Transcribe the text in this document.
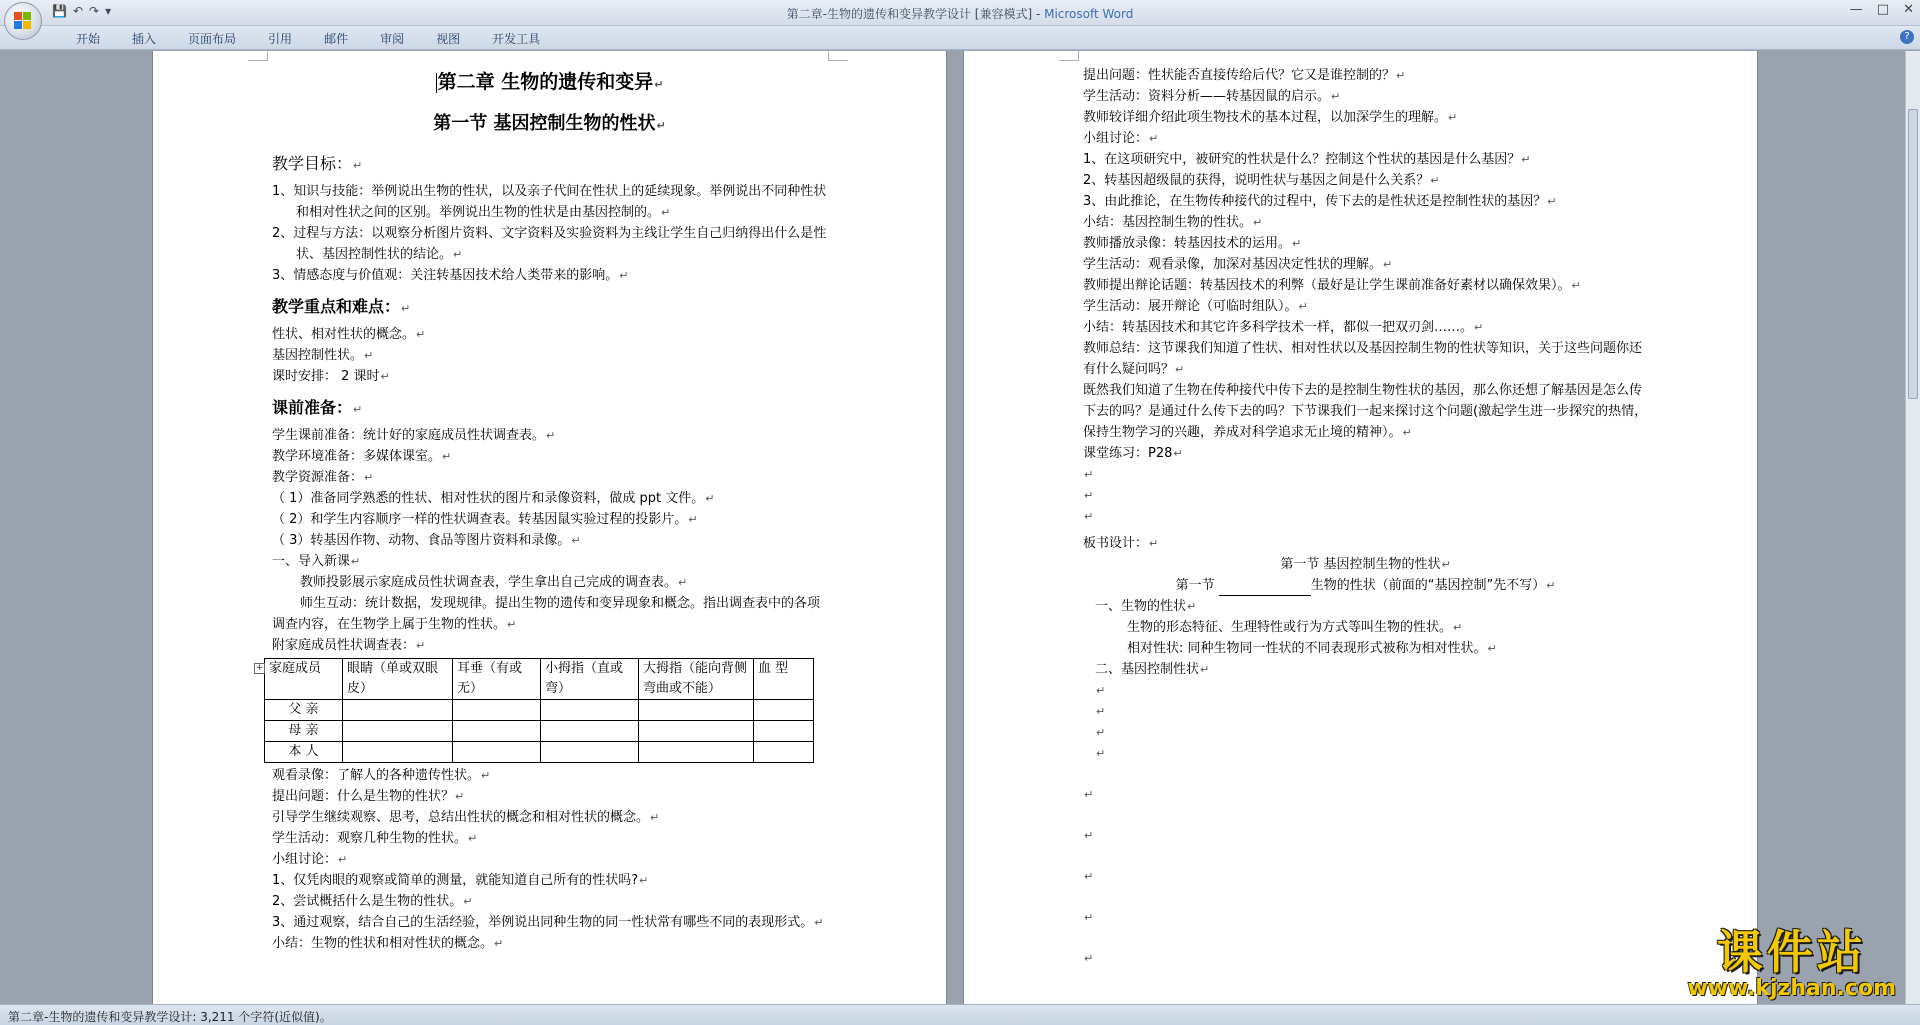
💾 ↶ ↷ ▾	第二章-生物的遗传和变异教学设计 [兼容模式] - Microsoft Word	— □ ✕
开始	插入	页面布局	引用	邮件	审阅	视图	开发工具	?
第二章 生物的遗传和变异↵
第一节 基因控制生物的性状↵
教学目标：↵
1、知识与技能：举例说出生物的性状，以及亲子代间在性状上的延续现象。举例说出不同种性状和相对性状之间的区别。举例说出生物的性状是由基因控制的。↵
2、过程与方法：以观察分析图片资料、文字资料及实验资料为主线让学生自己归纳得出什么是性状、基因控制性状的结论。↵
3、情感态度与价值观：关注转基因技术给人类带来的影响。↵
教学重点和难点：↵
性状、相对性状的概念。↵
基因控制性状。↵
课时安排： 2 课时↵
课前准备：↵
学生课前准备：统计好的家庭成员性状调查表。↵
教学环境准备：多媒体课室。↵
教学资源准备：↵
（ 1）准备同学熟悉的性状、相对性状的图片和录像资料，做成 ppt 文件。↵
（ 2）和学生内容顺序一样的性状调查表。转基因鼠实验过程的投影片。↵
（ 3）转基因作物、动物、食品等图片资料和录像。↵
一、导入新课↵
教师投影展示家庭成员性状调查表，学生拿出自己完成的调查表。↵
师生互动：统计数据，发现规律。提出生物的遗传和变异现象和概念。指出调查表中的各项调查内容，在生物学上属于生物的性状。↵
附家庭成员性状调查表：↵
家庭成员	眼睛（单或双眼皮）	耳垂（有或无）	小拇指（直或弯）	大拇指（能向背侧弯曲或不能）	血 型
父 亲					
母 亲					
本 人					
观看录像：了解人的各种遗传性状。↵
提出问题：什么是生物的性状？↵
引导学生继续观察、思考，总结出性状的概念和相对性状的概念。↵
学生活动：观察几种生物的性状。↵
小组讨论：↵
1、仅凭肉眼的观察或简单的测量，就能知道自己所有的性状吗?↵
2、尝试概括什么是生物的性状。↵
3、通过观察，结合自己的生活经验，举例说出同种生物的同一性状常有哪些不同的表现形式。↵
小结：生物的性状和相对性状的概念。↵
+
提出问题：性状能否直接传给后代？它又是谁控制的？↵
学生活动：资料分析——转基因鼠的启示。↵
教师较详细介绍此项生物技术的基本过程，以加深学生的理解。↵
小组讨论：↵
1、在这项研究中，被研究的性状是什么？控制这个性状的基因是什么基因？↵
2、转基因超级鼠的获得，说明性状与基因之间是什么关系？↵
3、由此推论，在生物传种接代的过程中，传下去的是性状还是控制性状的基因？↵
小结：基因控制生物的性状。↵
教师播放录像：转基因技术的运用。↵
学生活动：观看录像，加深对基因决定性状的理解。↵
教师提出辩论话题：转基因技术的利弊（最好是让学生课前准备好素材以确保效果）。↵
学生活动：展开辩论（可临时组队）。↵
小结：转基因技术和其它许多科学技术一样，都似一把双刃剑……。↵
教师总结：这节课我们知道了性状、相对性状以及基因控制生物的性状等知识，关于这些问题你还有什么疑问吗？↵
既然我们知道了生物在传种接代中传下去的是控制生物性状的基因，那么你还想了解基因是怎么传下去的吗？是通过什么传下去的吗？下节课我们一起来探讨这个问题(激起学生进一步探究的热情，保持生物学习的兴趣，养成对科学追求无止境的精神）。↵
课堂练习：P28↵
↵
↵
↵
板书设计：↵
第一节 基因控制生物的性状↵
第一节	生物的性状（前面的“基因控制”先不写）↵
一、生物的性状↵
生物的形态特征、生理特性或行为方式等叫生物的性状。↵
相对性状: 同种生物同一性状的不同表现形式被称为相对性状。↵
二、基因控制性状↵
↵
↵
↵
↵
↵
↵
↵
↵
↵	课件站
www.kjzhan.com
第二章-生物的遗传和变异教学设计: 3,211 个字符(近似值)。
